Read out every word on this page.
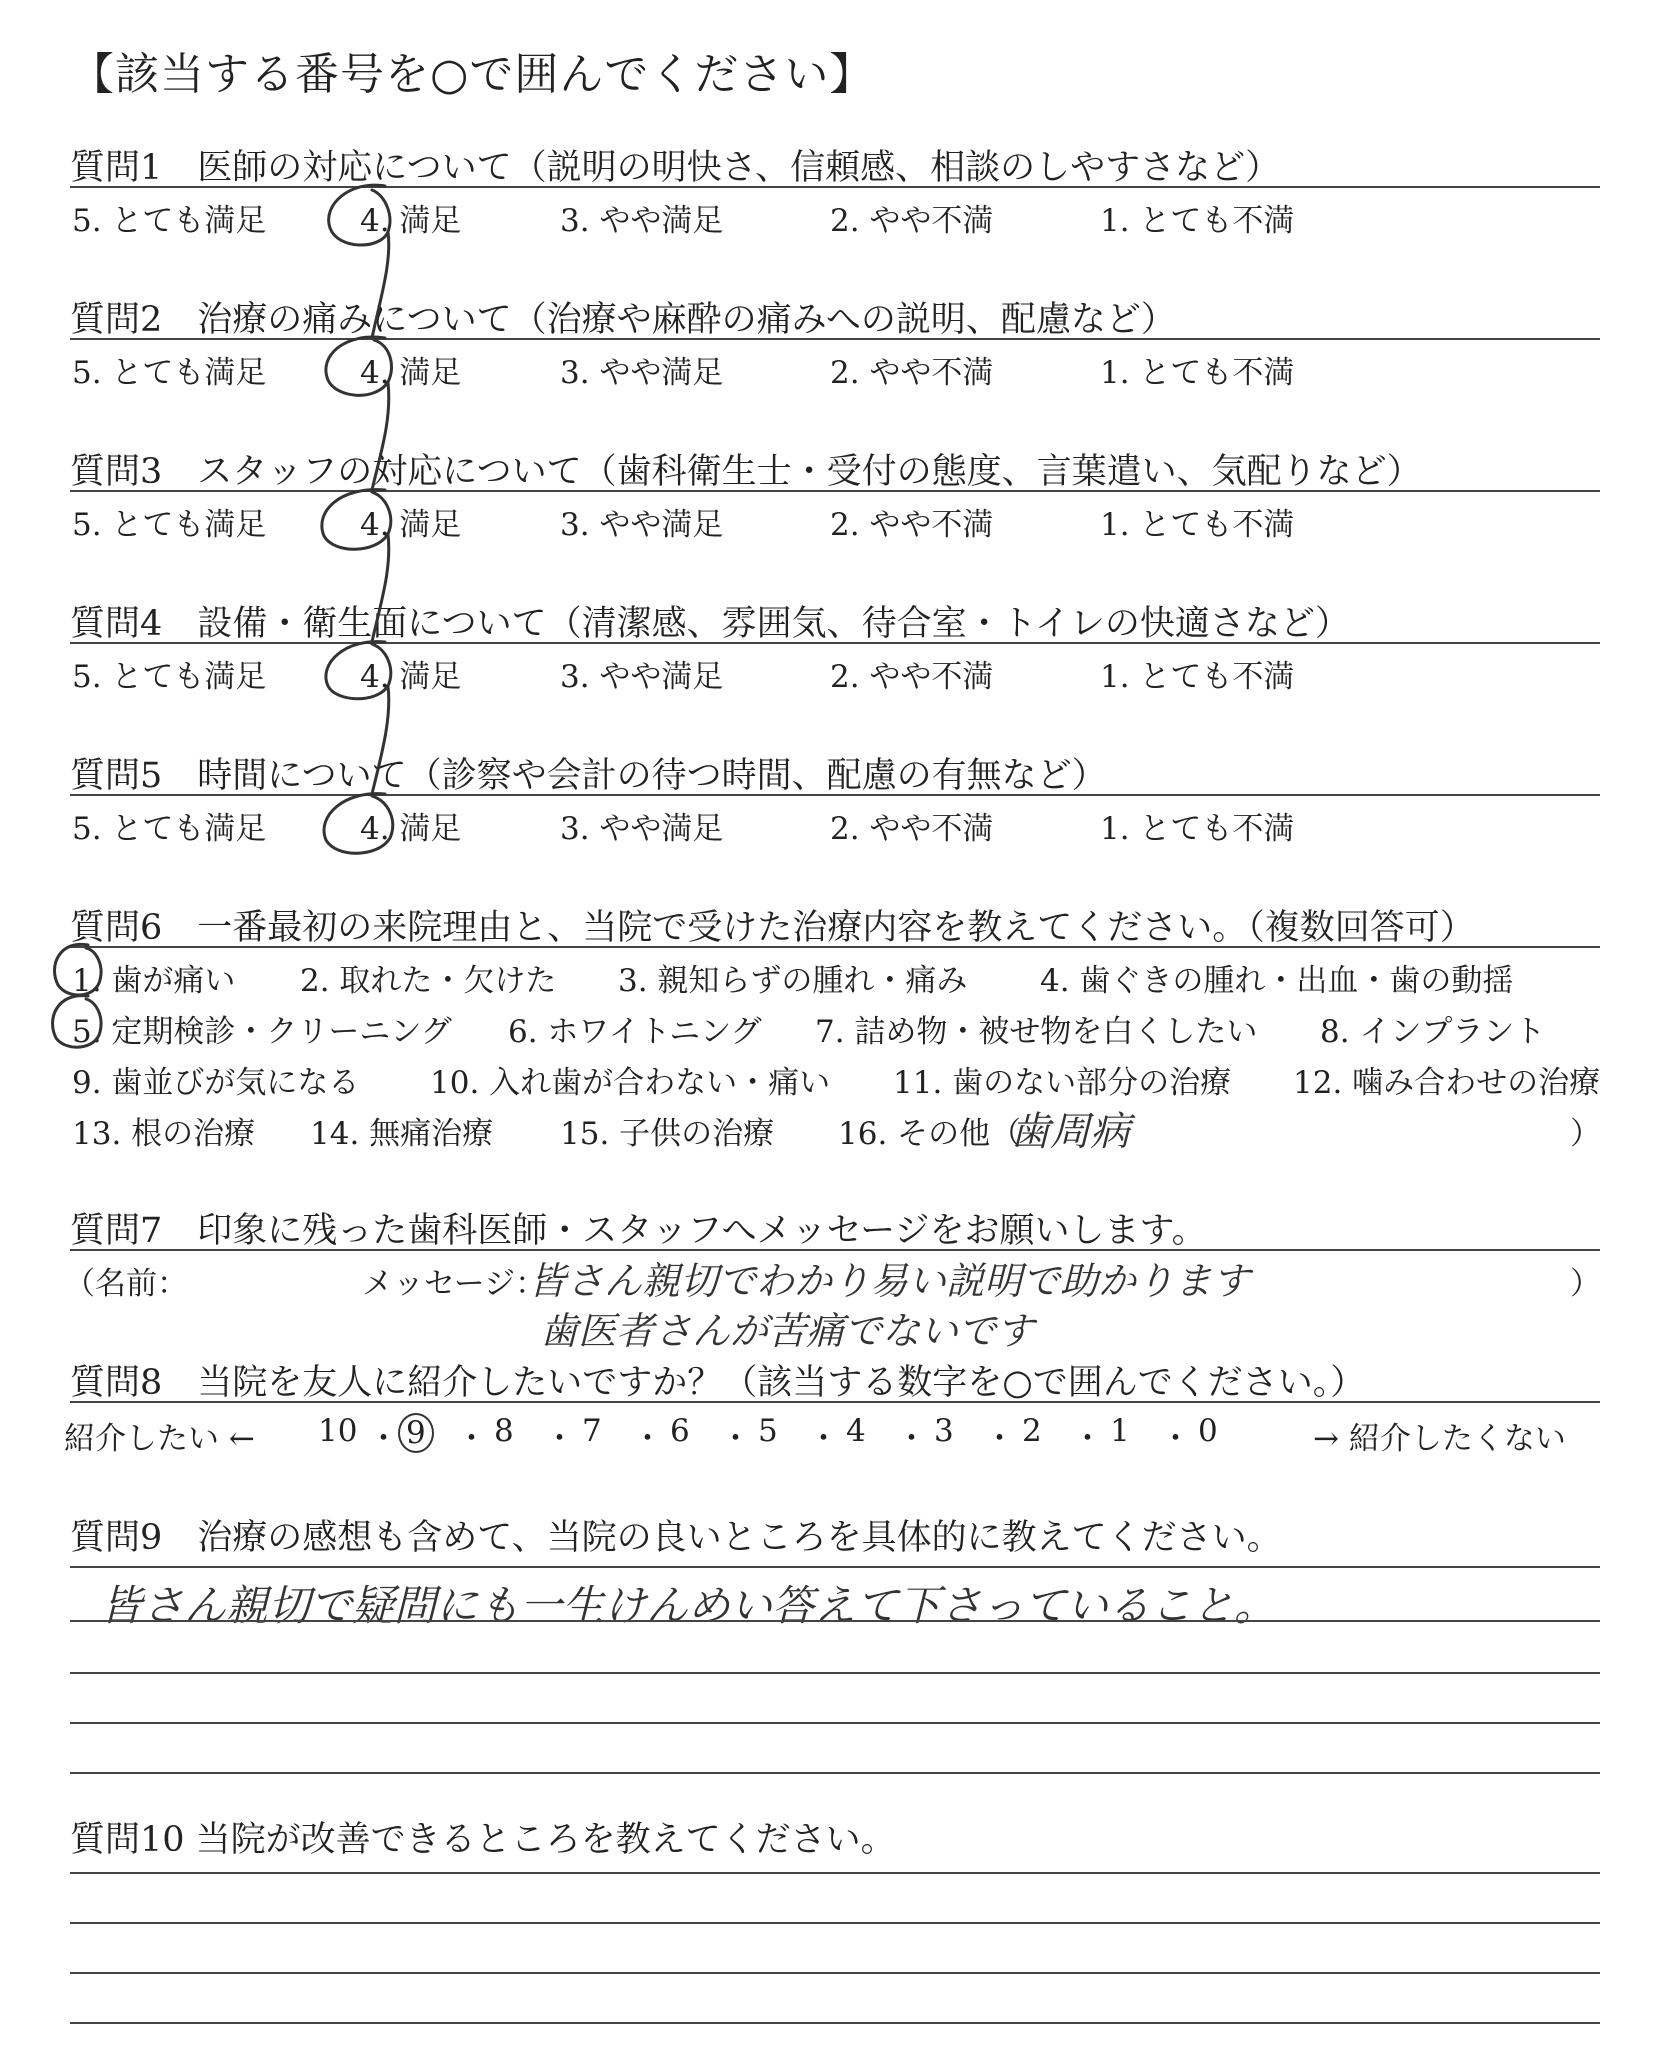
【該当する番号を○で囲んでください】
質問1　医師の対応について（説明の明快さ、信頼感、相談のしやすさなど）
5. とても満足	4. 満足	3. やや満足	2. やや不満	1. とても不満
質問2　治療の痛みについて（治療や麻酔の痛みへの説明、配慮など）
5. とても満足	4. 満足	3. やや満足	2. やや不満	1. とても不満
質問3　スタッフの対応について（歯科衛生士・受付の態度、言葉遣い、気配りなど）
5. とても満足	4. 満足	3. やや満足	2. やや不満	1. とても不満
質問4　設備・衛生面について（清潔感、雰囲気、待合室・トイレの快適さなど）
5. とても満足	4. 満足	3. やや満足	2. やや不満	1. とても不満
質問5　時間について（診察や会計の待つ時間、配慮の有無など）
5. とても満足	4. 満足	3. やや満足	2. やや不満	1. とても不満
質問6　一番最初の来院理由と、当院で受けた治療内容を教えてください。（複数回答可）
1. 歯が痛い 2. 取れた・欠けた 3. 親知らずの腫れ・痛み 4. 歯ぐきの腫れ・出血・歯の動揺
5. 定期検診・クリーニング 6. ホワイトニング 7. 詰め物・被せ物を白くしたい 8. インプラント
9. 歯並びが気になる 10. 入れ歯が合わない・痛い 11. 歯のない部分の治療 12. 噛み合わせの治療
13. 根の治療 14. 無痛治療 15. 子供の治療 16. その他（
歯周病	）
質問7　印象に残った歯科医師・スタッフへメッセージをお願いします。
（名前：	メッセージ：
皆さん親切でわかり易い説明で助かります	）
歯医者さんが苦痛でないです
質問8　当院を友人に紹介したいですか？（該当する数字を○で囲んでください。）
紹介したい ← 10 ・ 9 ・ 8 ・ 7 ・ 6 ・ 5 ・ 4 ・ 3 ・ 2 ・ 1 ・ 0	→ 紹介したくない
質問9　治療の感想も含めて、当院の良いところを具体的に教えてください。
皆さん親切で疑問にも一生けんめい答えて下さっていること。
質問10 当院が改善できるところを教えてください。
